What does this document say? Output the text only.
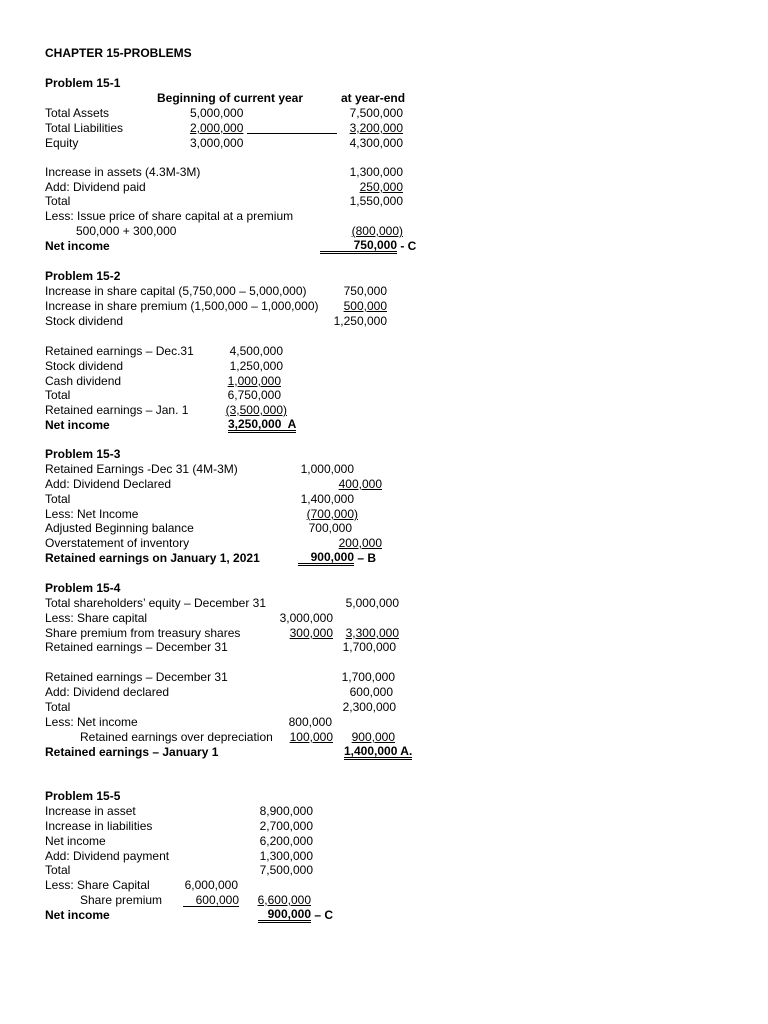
CHAPTER 15-PROBLEMS
Problem 15-1
Beginning of current year	at year-end
Total Assets	5,000,000	7,500,000
Total Liabilities	2,000,000	3,200,000
Equity	3,000,000	4,300,000
Increase in assets (4.3M-3M)	1,300,000
Add: Dividend paid	250,000
Total	1,550,000
Less: Issue price of share capital at a premium
500,000 + 300,000	(800,000)
Net income	750,000 - C
Problem 15-2
Increase in share capital (5,750,000 – 5,000,000)	750,000
Increase in share premium (1,500,000 – 1,000,000)	500,000
Stock dividend	1,250,000
Retained earnings – Dec.31	4,500,000
Stock dividend	1,250,000
Cash dividend	1,000,000
Total	6,750,000
Retained earnings – Jan. 1	(3,500,000)
Net income	3,250,000  A
Problem 15-3
Retained Earnings -Dec 31 (4M-3M)	1,000,000
Add: Dividend Declared	400,000
Total	1,400,000
Less: Net Income	(700,000)
Adjusted Beginning balance	700,000
Overstatement of inventory	200,000
Retained earnings on January 1, 2021	900,000 – B
Problem 15-4
Total shareholders’ equity – December 31	5,000,000
Less: Share capital	3,000,000
Share premium from treasury shares	300,000	3,300,000
Retained earnings – December 31	1,700,000
Retained earnings – December 31	1,700,000
Add: Dividend declared	600,000
Total	2,300,000
Less: Net income	800,000
Retained earnings over depreciation	100,000	900,000
Retained earnings – January 1	1,400,000 A.
Problem 15-5
Increase in asset	8,900,000
Increase in liabilities	2,700,000
Net income	6,200,000
Add: Dividend payment	1,300,000
Total	7,500,000
Less: Share Capital	6,000,000
Share premium	600,000	6,600,000
Net income	900,000 – C
